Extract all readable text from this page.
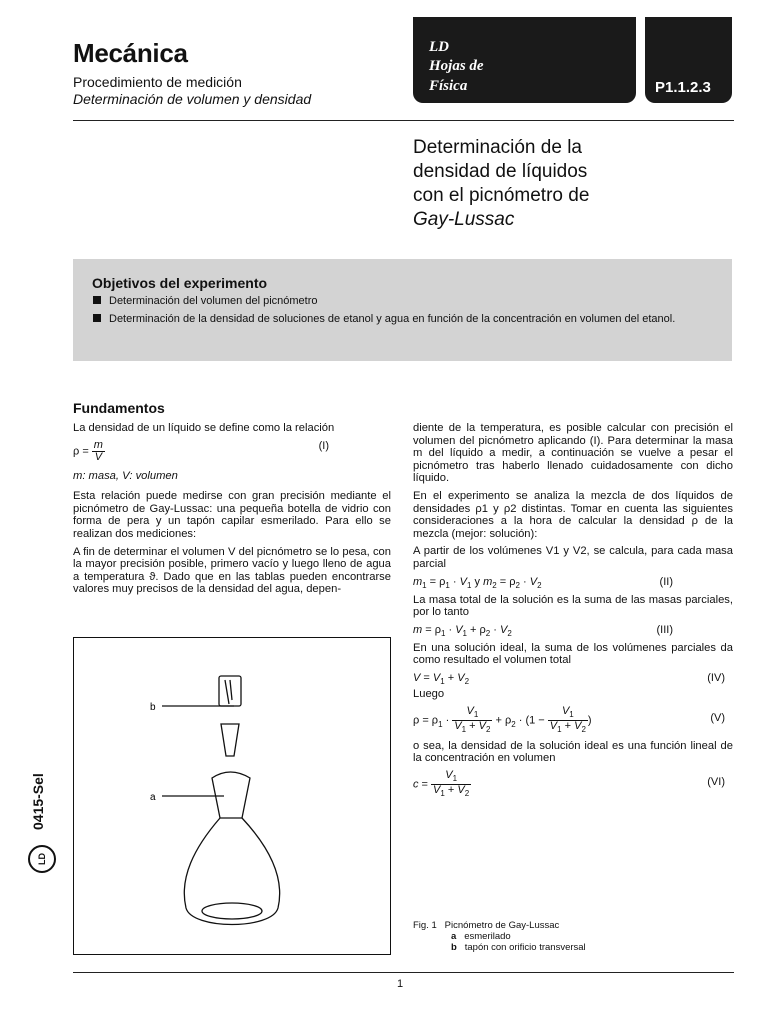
Mecánica
Procedimiento de medición
Determinación de volumen y densidad
LD
Hojas de
Física	P1.1.2.3
Determinación de la
densidad de líquidos
con el picnómetro de
Gay-Lussac
Objetivos del experimento
Determinación del volumen del picnómetro
Determinación de la densidad de soluciones de etanol y agua en función de la concentración en volumen del etanol.
Fundamentos

La densidad de un líquido se define como la relación

$\rho = \frac{m}{V}$	(I)

m: masa, V: volumen

Esta relación puede medirse con gran precisión mediante el picnómetro de Gay-Lussac: una pequeña botella de vidrio con forma de pera y un tapón capilar esmerilado. Para ello se realizan dos mediciones:

A fin de determinar el volumen V del picnómetro se lo pesa, con la mayor precisión posible, primero vacío y luego lleno de agua a temperatura ϑ. Dado que en las tablas pueden encontrarse valores muy precisos de la densidad del agua, depen-

b
a

diente de la temperatura, es posible calcular con precisión el volumen del picnómetro aplicando (I). Para determinar la masa m del líquido a medir, a continuación se vuelve a pesar el picnómetro tras haberlo llenado cuidadosamente con dicho líquido.

En el experimento se analiza la mezcla de dos líquidos de densidades ρ1 y ρ2 distintas. Tomar en cuenta las siguientes consideraciones a la hora de calcular la densidad ρ de la mezcla (mejor: solución):

A partir de los volúmenes V1 y V2, se calcula, para cada masa parcial

$m_1 = \rho_1 \cdot V_1$ y $m_2 = \rho_2 \cdot V_2$	(II)

La masa total de la solución es la suma de las masas parciales, por lo tanto

$m = \rho_1 \cdot V_1 + \rho_2 \cdot V_2$	(III)

En una solución ideal, la suma de los volúmenes parciales da como resultado el volumen total

$V = V_1 + V_2$	(IV)

Luego

$\rho = \rho_1 \cdot \frac{V_1}{V_1 + V_2} + \rho_2 \cdot (1 - \frac{V_1}{V_1 + V_2}$ )	(V)

o sea, la densidad de la solución ideal es una función lineal de la concentración en volumen

$c = \frac{V_1}{V_1 + V_2}$	(VI)
Fig. 1   Picnómetro de Gay-Lussac
a esmerilado
b tapón con orificio transversal
1
0415-Sel
LD
